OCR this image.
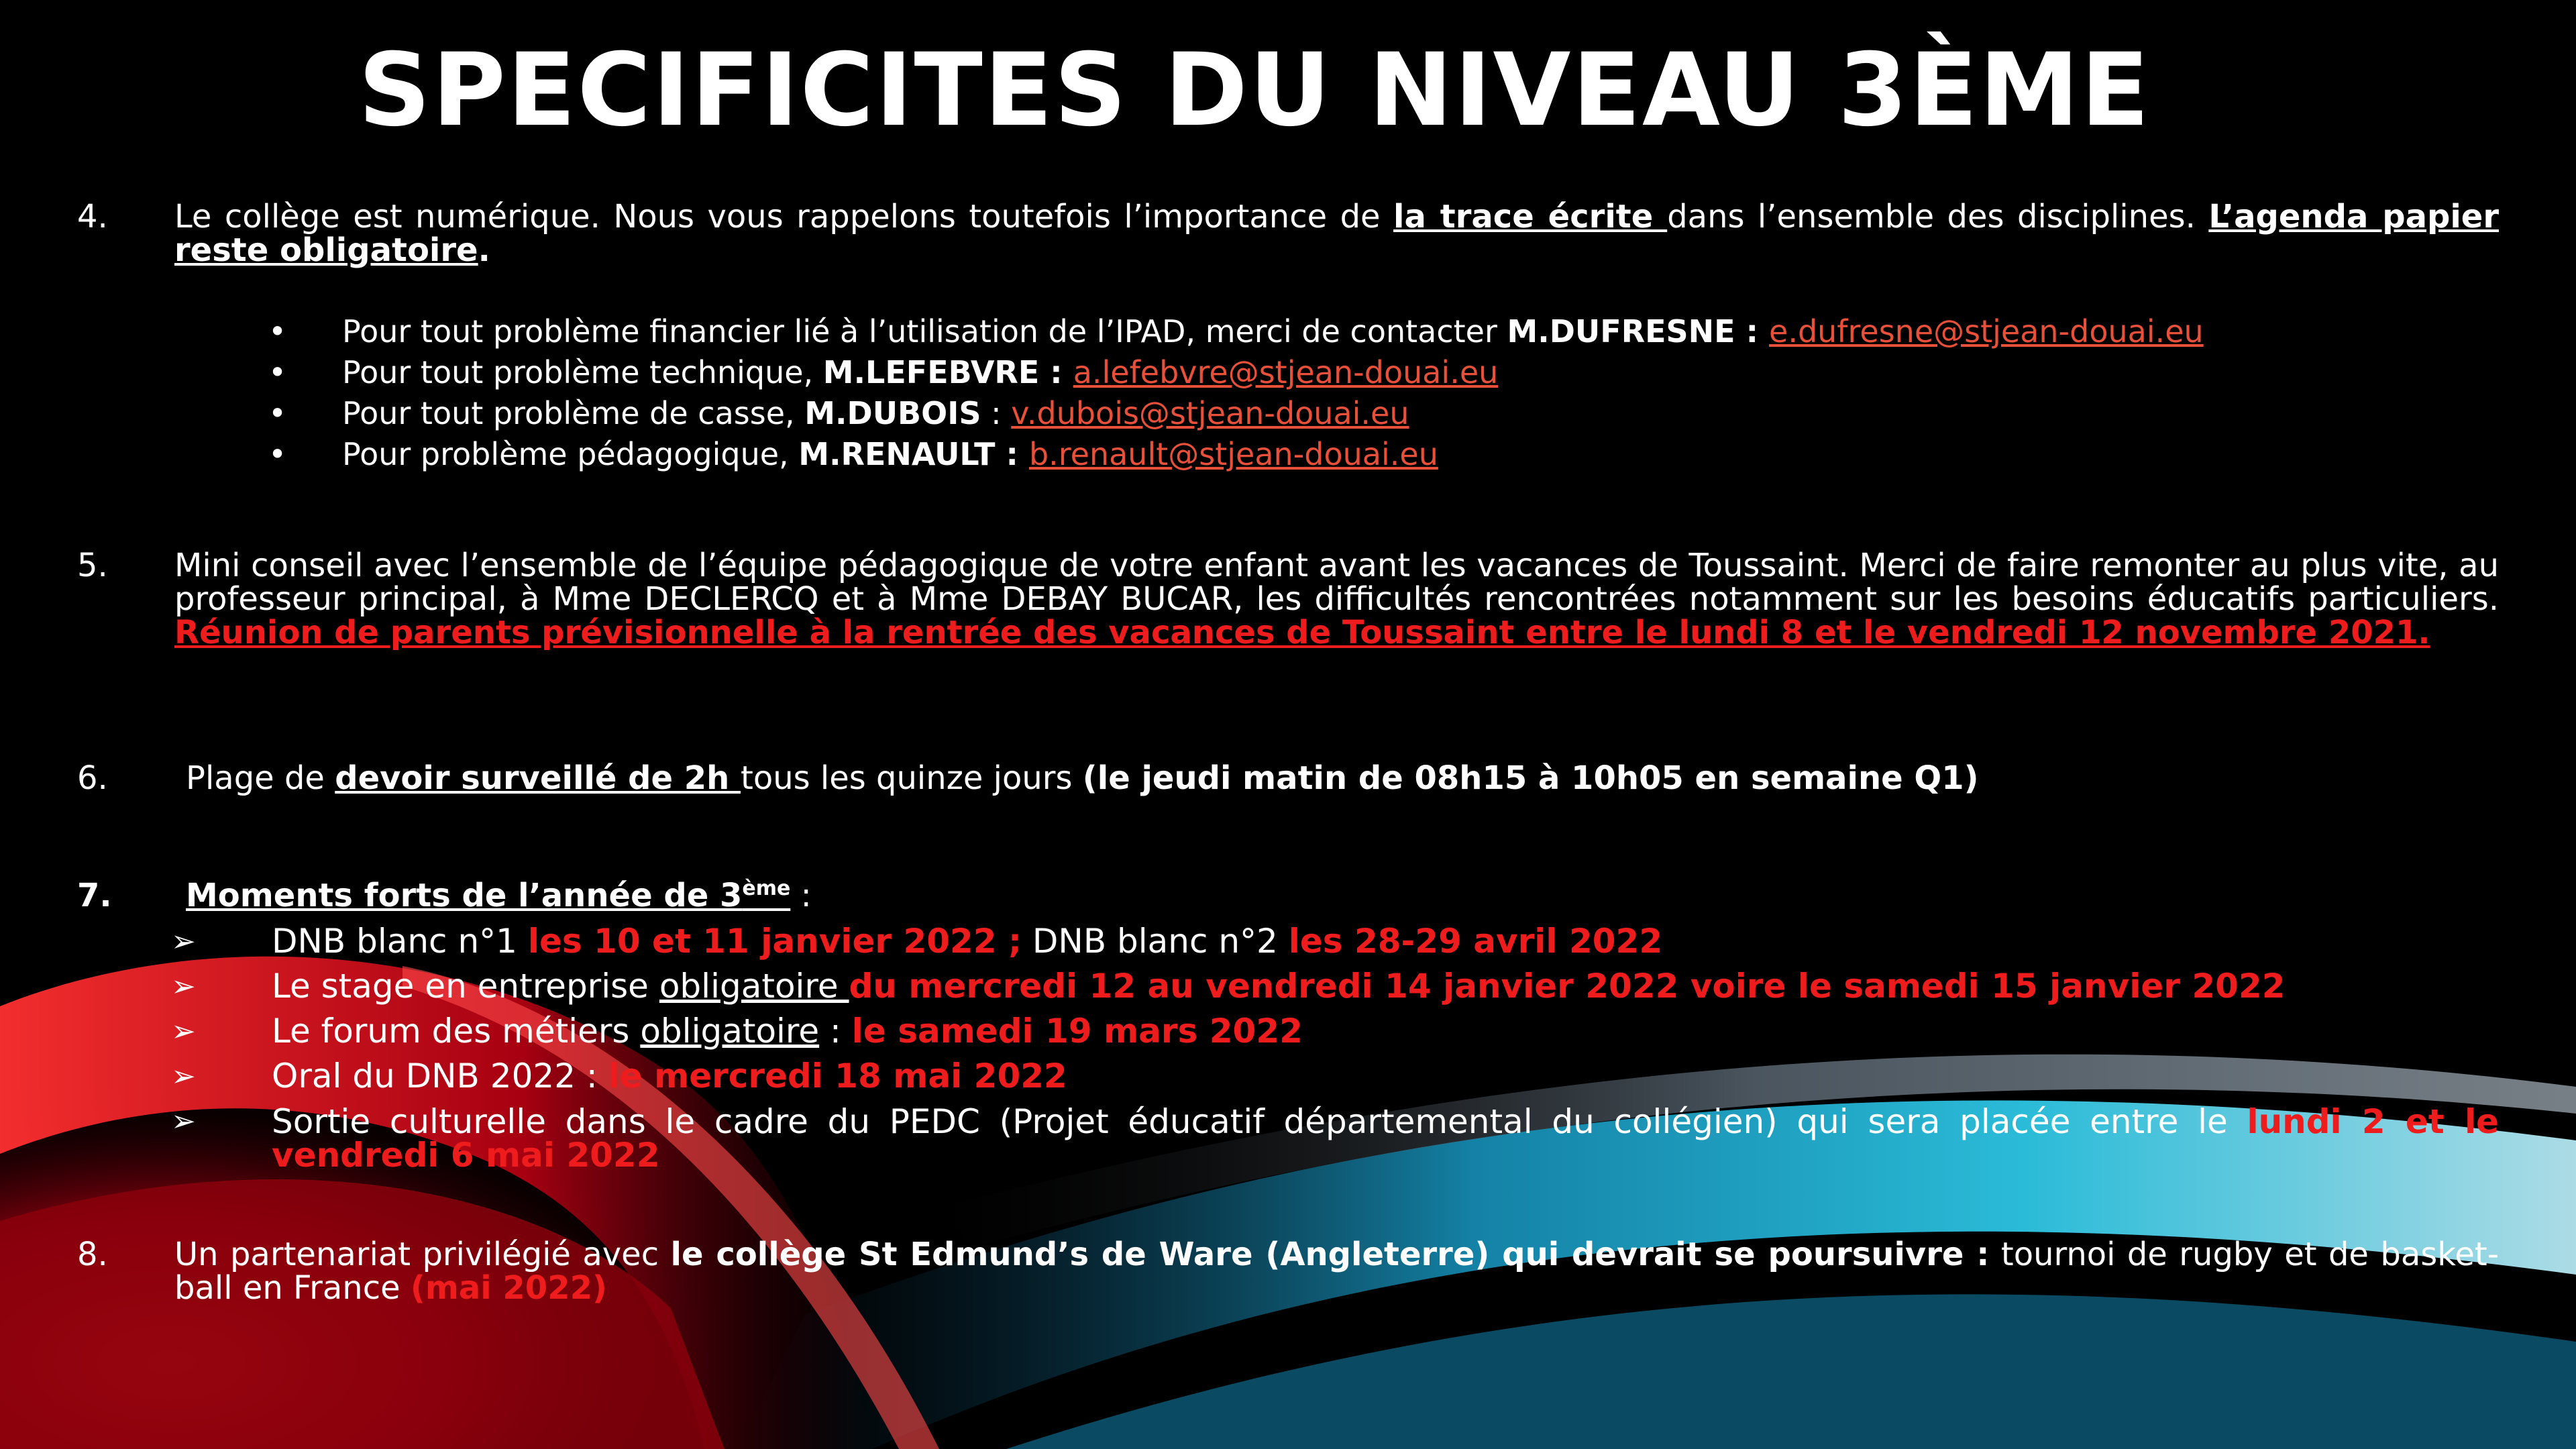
SPECIFICITES DU NIVEAU 3ÈME
4. Le collège est numérique. Nous vous rappelons toutefois l’importance de la trace écrite dans l’ensemble des disciplines. L’agenda papier reste obligatoire.
• Pour tout problème financier lié à l’utilisation de l’IPAD, merci de contacter M.DUFRESNE : e.dufresne@stjean-douai.eu
• Pour tout problème technique, M.LEFEBVRE : a.lefebvre@stjean-douai.eu
• Pour tout problème de casse, M.DUBOIS : v.dubois@stjean-douai.eu
• Pour problème pédagogique, M.RENAULT : b.renault@stjean-douai.eu
5. Mini conseil avec l’ensemble de l’équipe pédagogique de votre enfant avant les vacances de Toussaint. Merci de faire remonter au plus vite, au professeur principal, à Mme DECLERCQ et à Mme DEBAY BUCAR, les difficultés rencontrées notamment sur les besoins éducatifs particuliers. Réunion de parents prévisionnelle à la rentrée des vacances de Toussaint entre le lundi 8 et le vendredi 12 novembre 2021.
6. Plage de devoir surveillé de 2h tous les quinze jours (le jeudi matin de 08h15 à 10h05 en semaine Q1)
7. Moments forts de l’année de 3ème :
➢ DNB blanc n°1 les 10 et 11 janvier 2022 ; DNB blanc n°2 les 28-29 avril 2022
➢ Le stage en entreprise obligatoire du mercredi 12 au vendredi 14 janvier 2022 voire le samedi 15 janvier 2022
➢ Le forum des métiers obligatoire : le samedi 19 mars 2022
➢ Oral du DNB 2022 : le mercredi 18 mai 2022
➢ Sortie culturelle dans le cadre du PEDC (Projet éducatif départemental du collégien) qui sera placée entre le lundi 2 et le vendredi 6 mai 2022
8. Un partenariat privilégié avec le collège St Edmund’s de Ware (Angleterre) qui devrait se poursuivre : tournoi de rugby et de basket-ball en France (mai 2022)
